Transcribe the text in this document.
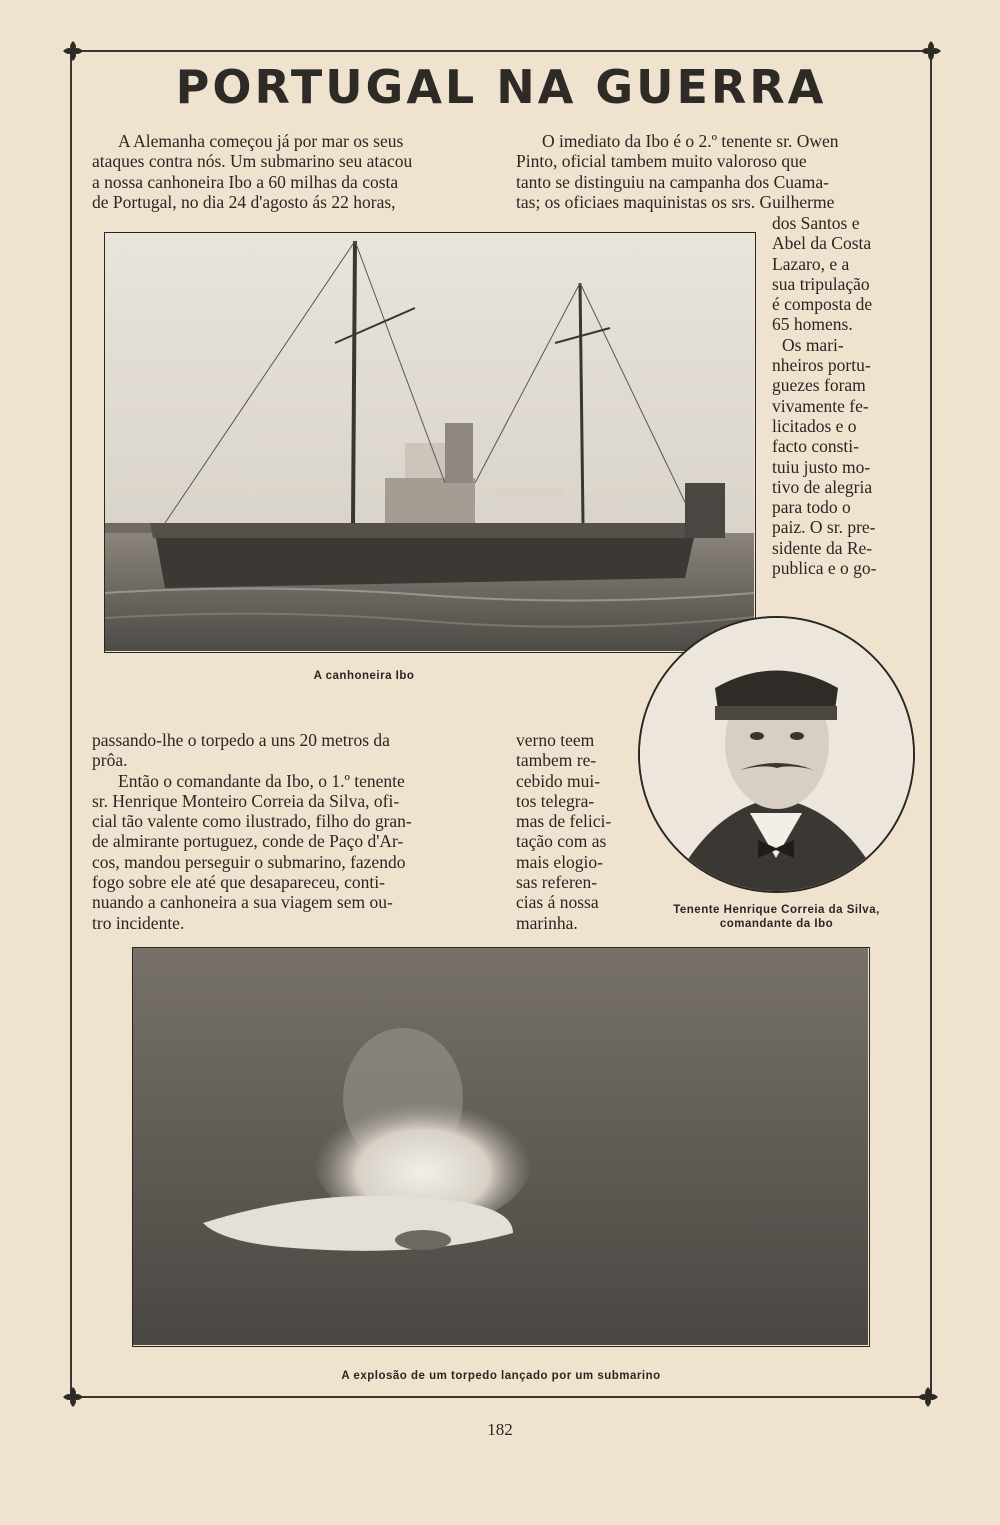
PORTUGAL NA GUERRA

A Alemanha começou já por mar os seus

ataques contra nós. Um submarino seu atacou

a nossa canhoneira Ibo a 60 milhas da costa

de Portugal, no dia 24 d'agosto ás 22 horas,

O imediato da Ibo é o 2.º tenente sr. Owen

Pinto, oficial tambem muito valoroso que

tanto se distinguiu na campanha dos Cuama-

tas; os oficiaes maquinistas os srs. Guilherme

dos Santos e

Abel da Costa

Lazaro, e a

sua tripulação

é composta de

65 homens.

Os mari-

nheiros portu-

guezes foram

vivamente fe-

licitados e o

facto consti-

tuiu justo mo-

tivo de alegria

para todo o

paiz. O sr. pre-

sidente da Re-

publica e o go-

A canhoneira Ibo
Tenente Henrique Correia da Silva,
comandante da Ibo

passando-lhe o torpedo a uns 20 metros da

prôa.

Então o comandante da Ibo, o 1.º tenente

sr. Henrique Monteiro Correia da Silva, ofi-

cial tão valente como ilustrado, filho do gran-

de almirante portuguez, conde de Paço d'Ar-

cos, mandou perseguir o submarino, fazendo

fogo sobre ele até que desapareceu, conti-

nuando a canhoneira a sua viagem sem ou-

tro incidente.

verno teem

tambem re-

cebido mui-

tos telegra-

mas de felici-

tação com as

mais elogio-

sas referen-

cias á nossa

marinha.

A explosão de um torpedo lançado por um submarino
182
